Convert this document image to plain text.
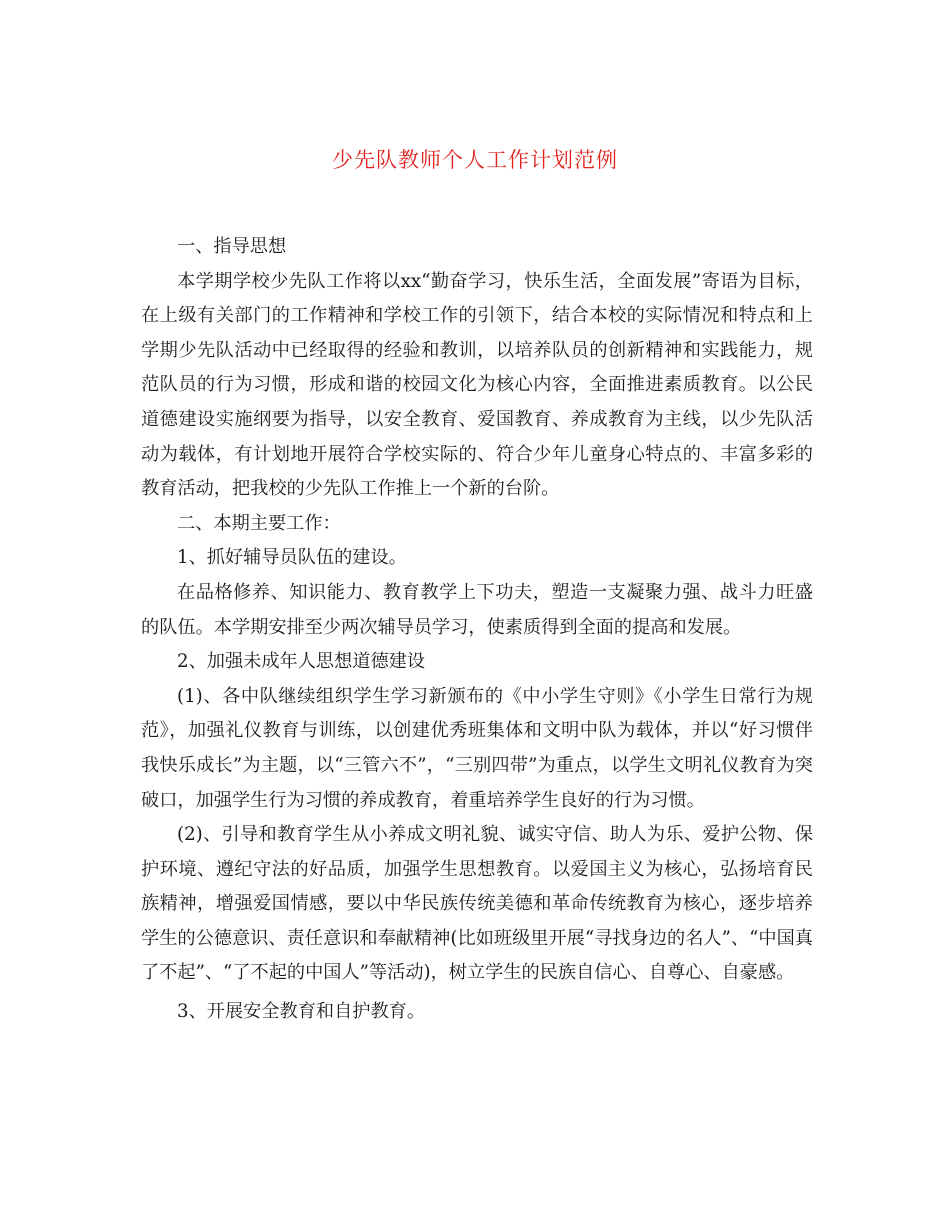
少先队教师个人工作计划范例

一、指导思想

本学期学校少先队工作将以xx“勤奋学习，快乐生活，全面发展”寄语为目标，在上级有关部门的工作精神和学校工作的引领下，结合本校的实际情况和特点和上学期少先队活动中已经取得的经验和教训，以培养队员的创新精神和实践能力，规范队员的行为习惯，形成和谐的校园文化为核心内容，全面推进素质教育。以公民道德建设实施纲要为指导，以安全教育、爱国教育、养成教育为主线，以少先队活动为载体，有计划地开展符合学校实际的、符合少年儿童身心特点的、丰富多彩的教育活动，把我校的少先队工作推上一个新的台阶。

二、本期主要工作：

1、抓好辅导员队伍的建设。

在品格修养、知识能力、教育教学上下功夫，塑造一支凝聚力强、战斗力旺盛的队伍。本学期安排至少两次辅导员学习，使素质得到全面的提高和发展。

2、加强未成年人思想道德建设

(1)、各中队继续组织学生学习新颁布的《中小学生守则》《小学生日常行为规范》，加强礼仪教育与训练，以创建优秀班集体和文明中队为载体，并以“好习惯伴我快乐成长”为主题，以“三管六不”，“三别四带”为重点，以学生文明礼仪教育为突破口，加强学生行为习惯的养成教育，着重培养学生良好的行为习惯。

(2)、引导和教育学生从小养成文明礼貌、诚实守信、助人为乐、爱护公物、保护环境、遵纪守法的好品质，加强学生思想教育。以爱国主义为核心，弘扬培育民族精神，增强爱国情感，要以中华民族传统美德和革命传统教育为核心，逐步培养学生的公德意识、责任意识和奉献精神(比如班级里开展“寻找身边的名人”、“中国真了不起”、“了不起的中国人”等活动)，树立学生的民族自信心、自尊心、自豪感。

3、开展安全教育和自护教育。
